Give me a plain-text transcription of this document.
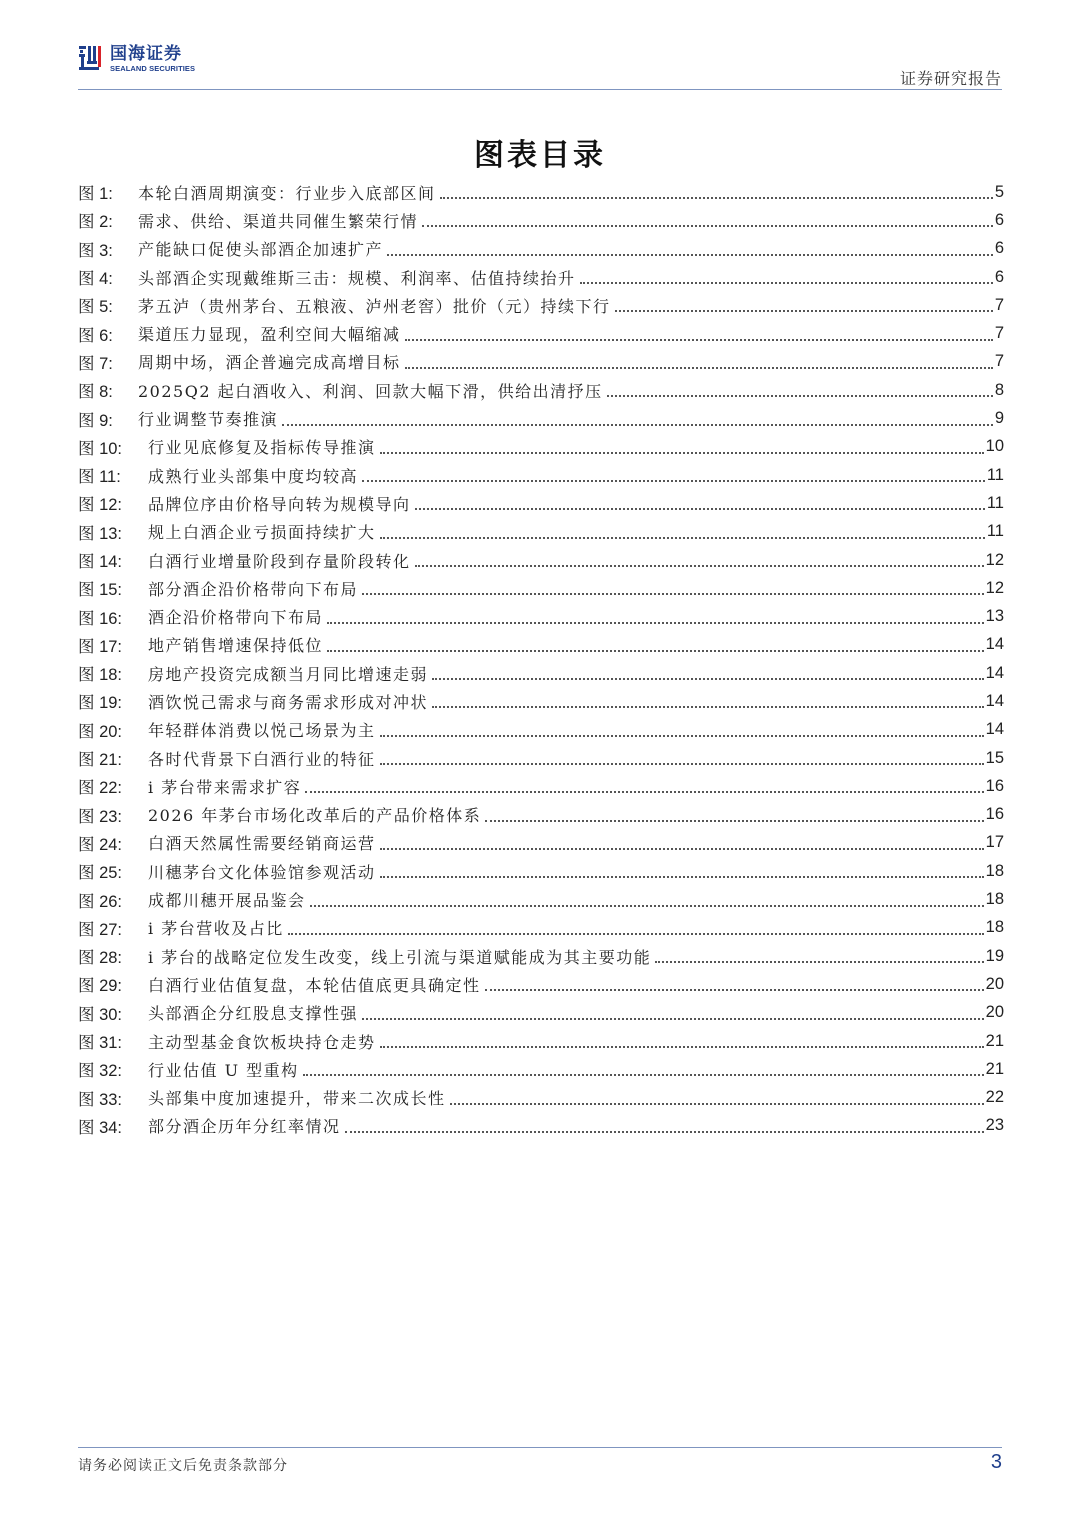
国海证券
SEALAND SECURITIES
证券研究报告
图表目录
图 1:	本轮白酒周期演变：行业步入底部区间	5
图 2:	需求、供给、渠道共同催生繁荣行情	6
图 3:	产能缺口促使头部酒企加速扩产	6
图 4:	头部酒企实现戴维斯三击：规模、利润率、估值持续抬升	6
图 5:	茅五泸（贵州茅台、五粮液、泸州老窖）批价（元）持续下行	7
图 6:	渠道压力显现，盈利空间大幅缩减	7
图 7:	周期中场，酒企普遍完成高增目标	7
图 8:	2025Q2 起白酒收入、利润、回款大幅下滑，供给出清抒压	8
图 9:	行业调整节奏推演	9
图 10:	行业见底修复及指标传导推演	10
图 11:	成熟行业头部集中度均较高	11
图 12:	品牌位序由价格导向转为规模导向	11
图 13:	规上白酒企业亏损面持续扩大	11
图 14:	白酒行业增量阶段到存量阶段转化	12
图 15:	部分酒企沿价格带向下布局	12
图 16:	酒企沿价格带向下布局	13
图 17:	地产销售增速保持低位	14
图 18:	房地产投资完成额当月同比增速走弱	14
图 19:	酒饮悦己需求与商务需求形成对冲状	14
图 20:	年轻群体消费以悦己场景为主	14
图 21:	各时代背景下白酒行业的特征	15
图 22:	i 茅台带来需求扩容	16
图 23:	2026 年茅台市场化改革后的产品价格体系	16
图 24:	白酒天然属性需要经销商运营	17
图 25:	川穗茅台文化体验馆参观活动	18
图 26:	成都川穗开展品鉴会	18
图 27:	i 茅台营收及占比	18
图 28:	i 茅台的战略定位发生改变，线上引流与渠道赋能成为其主要功能	19
图 29:	白酒行业估值复盘，本轮估值底更具确定性	20
图 30:	头部酒企分红股息支撑性强	20
图 31:	主动型基金食饮板块持仓走势	21
图 32:	行业估值 U 型重构	21
图 33:	头部集中度加速提升，带来二次成长性	22
图 34:	部分酒企历年分红率情况	23
请务必阅读正文后免责条款部分	3
